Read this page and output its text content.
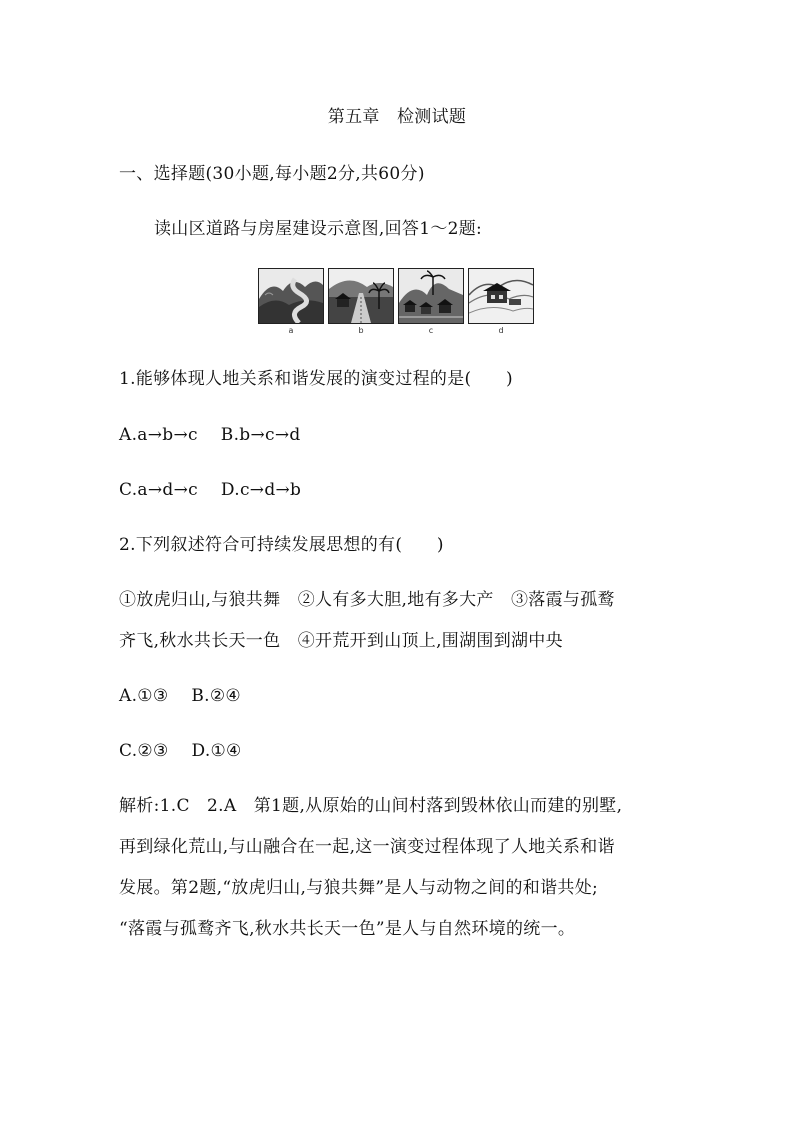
第五章　检测试题
一、选择题(30小题,每小题2分,共60分)
读山区道路与房屋建设示意图,回答1～2题:
a	b	c	d
1.能够体现人地关系和谐发展的演变过程的是(　　)
A.a→b→c　 B.b→c→d
C.a→d→c　 D.c→d→b
2.下列叙述符合可持续发展思想的有(　　)
①放虎归山,与狼共舞　②人有多大胆,地有多大产　③落霞与孤鹜
齐飞,秋水共长天一色　④开荒开到山顶上,围湖围到湖中央
A.①③　 B.②④
C.②③　 D.①④
解析:1.C　2.A　第1题,从原始的山间村落到毁林依山而建的别墅,
再到绿化荒山,与山融合在一起,这一演变过程体现了人地关系和谐
发展。第2题,“放虎归山,与狼共舞”是人与动物之间的和谐共处;
“落霞与孤鹜齐飞,秋水共长天一色”是人与自然环境的统一。
